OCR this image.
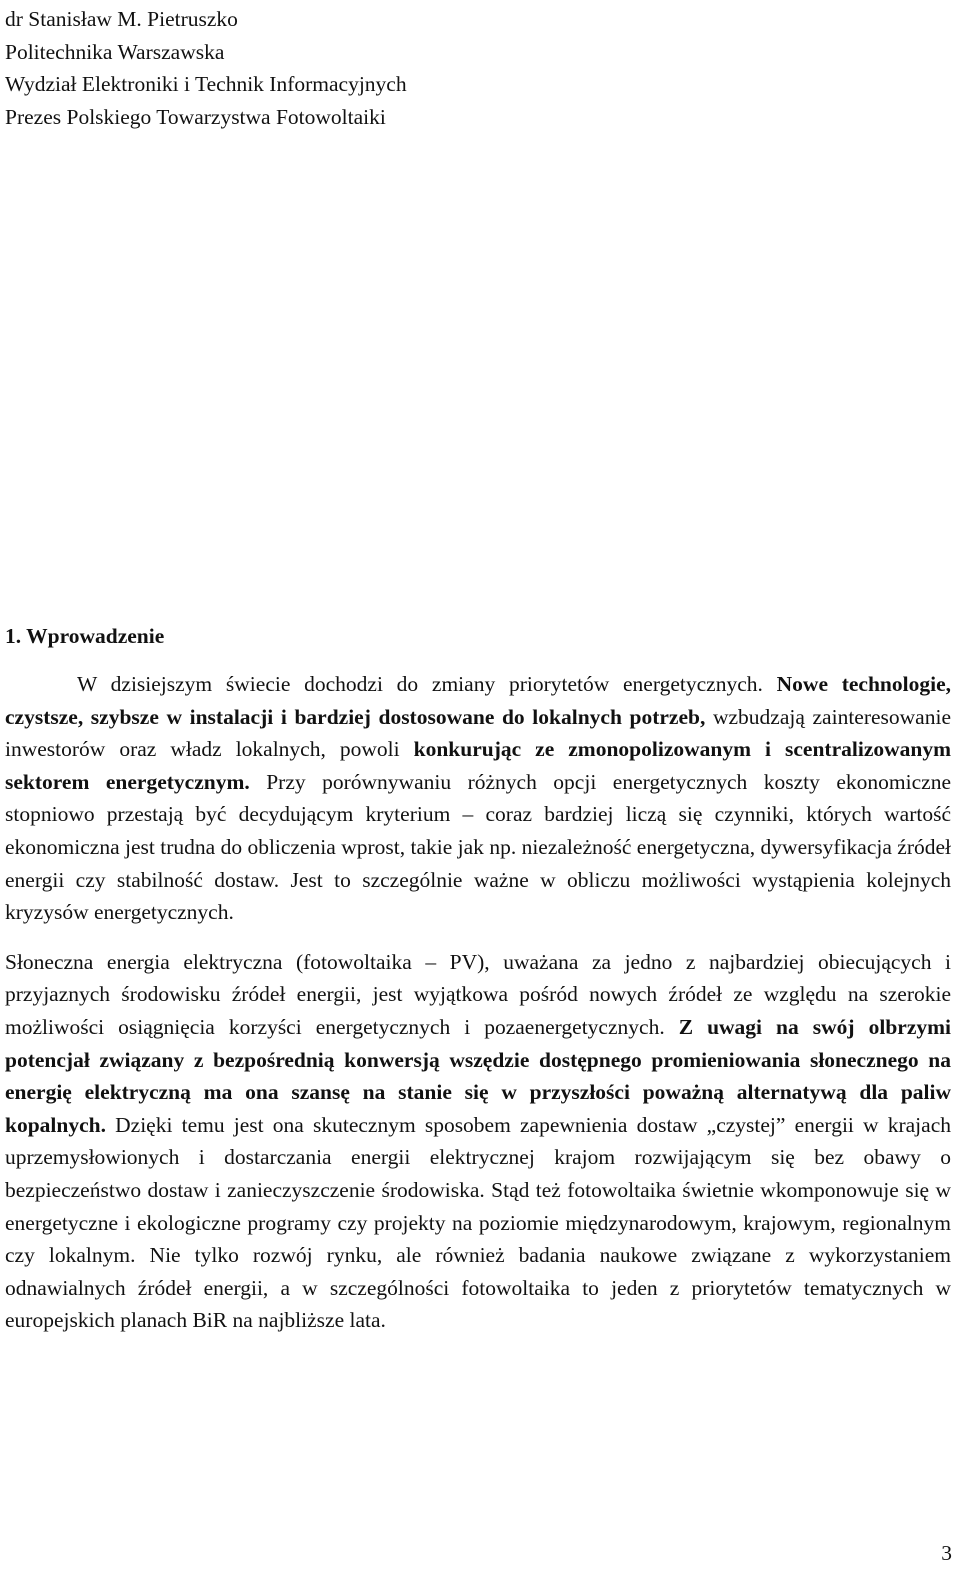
dr Stanisław M. Pietruszko
Politechnika Warszawska
Wydział Elektroniki i Technik Informacyjnych
Prezes Polskiego Towarzystwa Fotowoltaiki
1. Wprowadzenie

W dzisiejszym świecie dochodzi do zmiany priorytetów energetycznych. Nowe technologie, czystsze, szybsze w instalacji i bardziej dostosowane do lokalnych potrzeb, wzbudzają zainteresowanie inwestorów oraz władz lokalnych, powoli konkurując ze zmonopolizowanym i scentralizowanym sektorem energetycznym. Przy porównywaniu różnych opcji energetycznych koszty ekonomiczne stopniowo przestają być decydującym kryterium – coraz bardziej liczą się czynniki, których wartość ekonomiczna jest trudna do obliczenia wprost, takie jak np. niezależność energetyczna, dywersyfikacja źródeł energii czy stabilność dostaw. Jest to szczególnie ważne w obliczu możliwości wystąpienia kolejnych kryzysów energetycznych.

Słoneczna energia elektryczna (fotowoltaika – PV), uważana za jedno z najbardziej obiecujących i przyjaznych środowisku źródeł energii, jest wyjątkowa pośród nowych źródeł ze względu na szerokie możliwości osiągnięcia korzyści energetycznych i pozaenergetycznych. Z uwagi na swój olbrzymi potencjał związany z bezpośrednią konwersją wszędzie dostępnego promieniowania słonecznego na energię elektryczną ma ona szansę na stanie się w przyszłości poważną alternatywą dla paliw kopalnych. Dzięki temu jest ona skutecznym sposobem zapewnienia dostaw „czystej” energii w krajach uprzemysłowionych i dostarczania energii elektrycznej krajom rozwijającym się bez obawy o bezpieczeństwo dostaw i zanieczyszczenie środowiska. Stąd też fotowoltaika świetnie wkomponowuje się w energetyczne i ekologiczne programy czy projekty na poziomie międzynarodowym, krajowym, regionalnym czy lokalnym. Nie tylko rozwój rynku, ale również badania naukowe związane z wykorzystaniem odnawialnych źródeł energii, a w szczególności fotowoltaika to jeden z priorytetów tematycznych w europejskich planach BiR na najbliższe lata.

3
